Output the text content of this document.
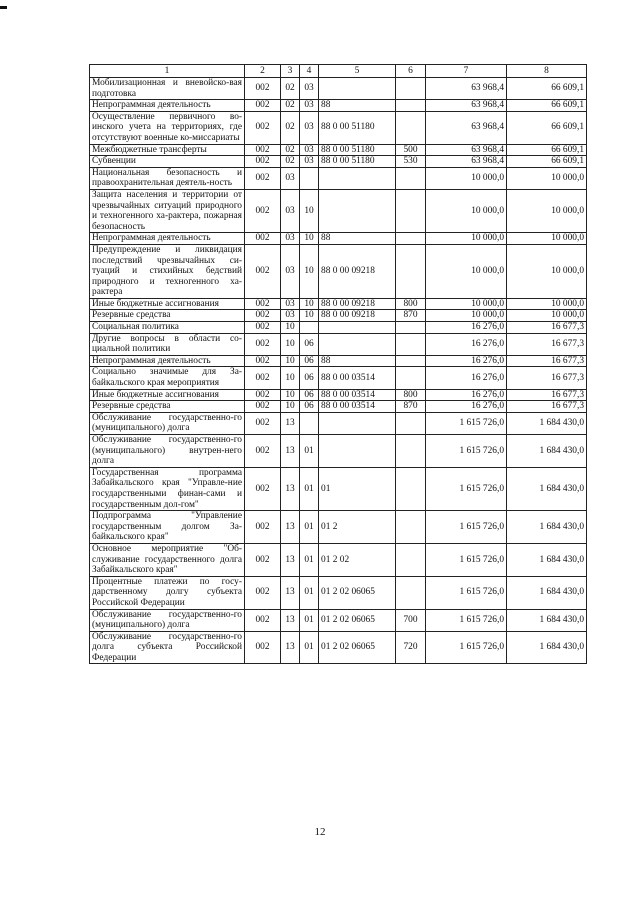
1	2	3	4	5	6	7	8
Мобилизационная и вневойско-вая подготовка	002	02	03			63 968,4	66 609,1
Непрограммная деятельность	002	02	03	88		63 968,4	66 609,1
Осуществление первичного во-инского учета на территориях, где отсутствуют военные ко-миссариаты	002	02	03	88 0 00 51180		63 968,4	66 609,1
Межбюджетные трансферты	002	02	03	88 0 00 51180	500	63 968,4	66 609,1
Субвенции	002	02	03	88 0 00 51180	530	63 968,4	66 609,1
Национальная безопасность и правоохранительная деятель-ность	002	03				10 000,0	10 000,0
Защита населения и территории от чрезвычайных ситуаций природного и техногенного ха-рактера, пожарная безопасность	002	03	10			10 000,0	10 000,0
Непрограммная деятельность	002	03	10	88		10 000,0	10 000,0
Предупреждение и ликвидация последствий чрезвычайных си-туаций и стихийных бедствий природного и техногенного ха-рактера	002	03	10	88 0 00 09218		10 000,0	10 000,0
Иные бюджетные ассигнования	002	03	10	88 0 00 09218	800	10 000,0	10 000,0
Резервные средства	002	03	10	88 0 00 09218	870	10 000,0	10 000,0
Социальная политика	002	10				16 276,0	16 677,3
Другие вопросы в области со-циальной политики	002	10	06			16 276,0	16 677,3
Непрограммная деятельность	002	10	06	88		16 276,0	16 677,3
Социально значимые для За-байкальского края мероприятия	002	10	06	88 0 00 03514		16 276,0	16 677,3
Иные бюджетные ассигнования	002	10	06	88 0 00 03514	800	16 276,0	16 677,3
Резервные средства	002	10	06	88 0 00 03514	870	16 276,0	16 677,3
Обслуживание государственно-го (муниципального) долга	002	13				1 615 726,0	1 684 430,0
Обслуживание государственно-го (муниципального) внутрен-него долга	002	13	01			1 615 726,0	1 684 430,0
Государственная программа Забайкальского края "Управле-ние государственными финан-сами и государственным дол-гом"	002	13	01	01		1 615 726,0	1 684 430,0
Подпрограмма "Управление государственным долгом За-байкальского края"	002	13	01	01 2		1 615 726,0	1 684 430,0
Основное мероприятие "Об-служивание государственного долга Забайкальского края"	002	13	01	01 2 02		1 615 726,0	1 684 430,0
Процентные платежи по госу-дарственному долгу субъекта Российской Федерации	002	13	01	01 2 02 06065		1 615 726,0	1 684 430,0
Обслуживание государственно-го (муниципального) долга	002	13	01	01 2 02 06065	700	1 615 726,0	1 684 430,0
Обслуживание государственно-го долга субъекта Российской Федерации	002	13	01	01 2 02 06065	720	1 615 726,0	1 684 430,0
12
